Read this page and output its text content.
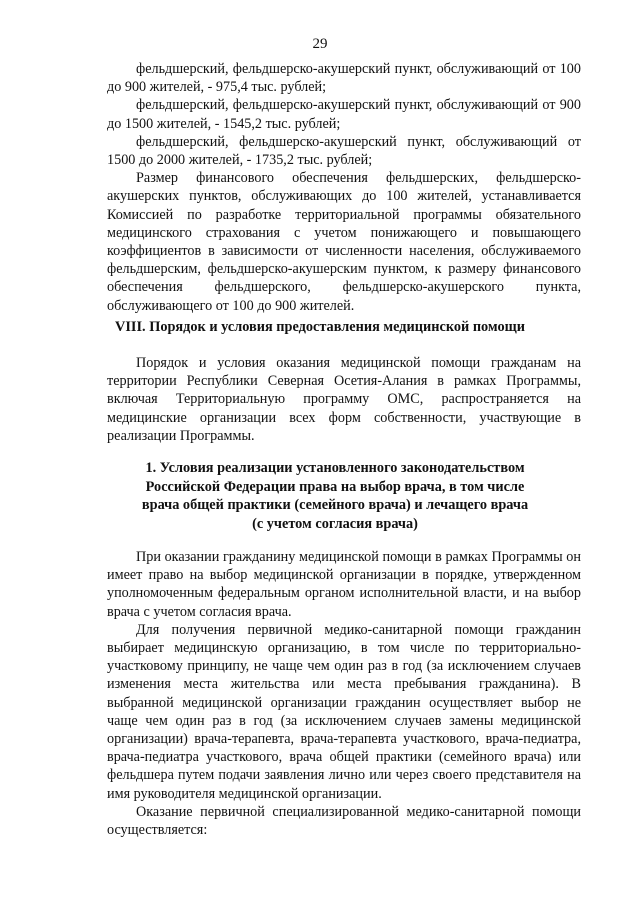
29

фельдшерский, фельдшерско-акушерский пункт, обслуживающий от 100 до 900 жителей, - 975,4 тыс. рублей;

фельдшерский, фельдшерско-акушерский пункт, обслуживающий от 900 до 1500 жителей, - 1545,2 тыс. рублей;

фельдшерский, фельдшерско-акушерский пункт, обслуживающий от 1500 до 2000 жителей, - 1735,2 тыс. рублей;

Размер финансового обеспечения фельдшерских, фельдшерско-акушерских пунктов, обслуживающих до 100 жителей, устанавливается Комиссией по разработке территориальной программы обязательного медицинского страхования с учетом понижающего и повышающего коэффициентов в зависимости от численности населения, обслуживаемого фельдшерским, фельдшерско-акушерским пунктом, к размеру финансового обеспечения фельдшерского, фельдшерско-акушерского пункта, обслуживающего от 100 до 900 жителей.

VIII. Порядок и условия предоставления медицинской помощи

Порядок и условия оказания медицинской помощи гражданам на территории Республики Северная Осетия-Алания в рамках Программы, включая Территориальную программу ОМС, распространяется на медицинские организации всех форм собственности, участвующие в реализации Программы.

1. Условия реализации установленного законодательством
Российской Федерации права на выбор врача, в том числе
врача общей практики (семейного врача) и лечащего врача
(с учетом согласия врача)

При оказании гражданину медицинской помощи в рамках Программы он имеет право на выбор медицинской организации в порядке, утвержденном уполномоченным федеральным органом исполнительной власти, и на выбор врача с учетом согласия врача.

Для получения первичной медико-санитарной помощи гражданин выбирает медицинскую организацию, в том числе по территориально-участковому принципу, не чаще чем один раз в год (за исключением случаев изменения места жительства или места пребывания гражданина). В выбранной медицинской организации гражданин осуществляет выбор не чаще чем один раз в год (за исключением случаев замены медицинской организации) врача-терапевта, врача-терапевта участкового, врача-педиатра, врача-педиатра участкового, врача общей практики (семейного врача) или фельдшера путем подачи заявления лично или через своего представителя на имя руководителя медицинской организации.

Оказание первичной специализированной медико-санитарной помощи осуществляется:
